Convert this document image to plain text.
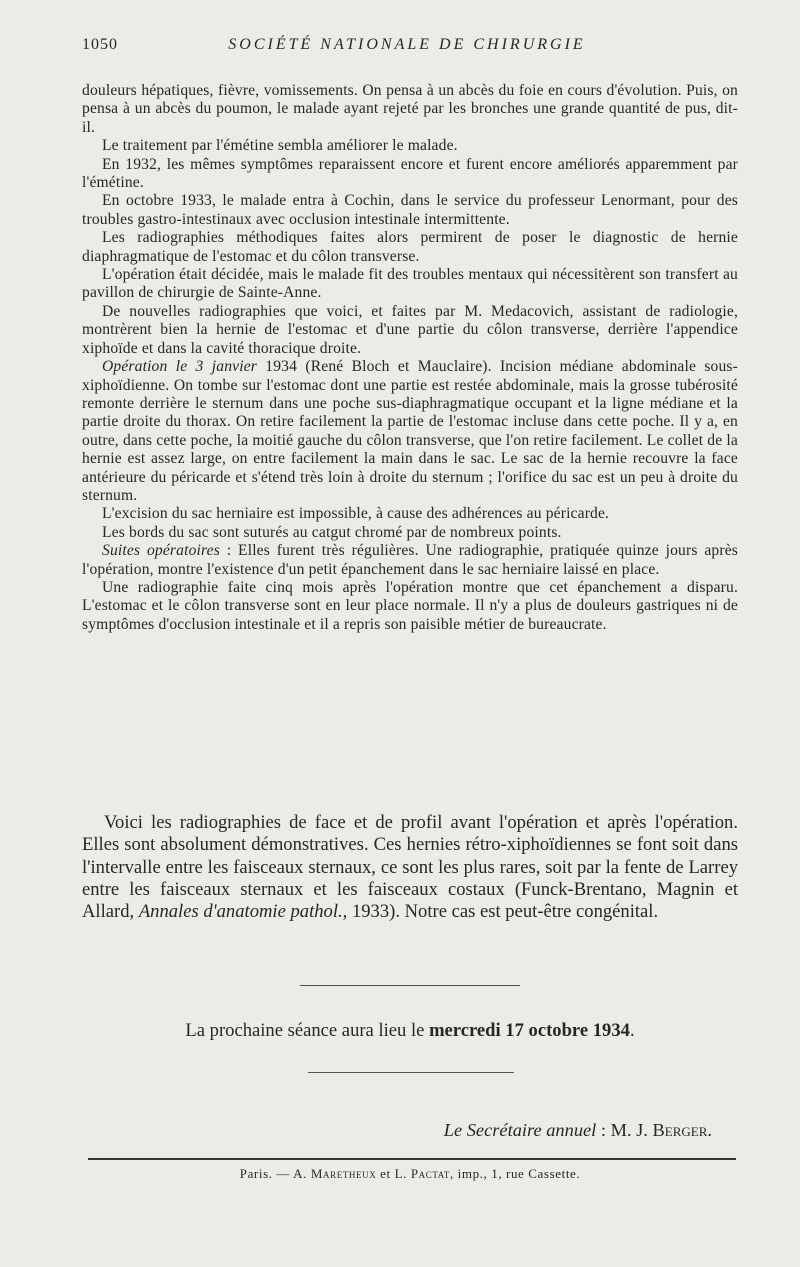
1050	SOCIÉTÉ NATIONALE DE CHIRURGIE

douleurs hépatiques, fièvre, vomissements. On pensa à un abcès du foie en cours d'évolution. Puis, on pensa à un abcès du poumon, le malade ayant rejeté par les bronches une grande quantité de pus, dit-il.

Le traitement par l'émétine sembla améliorer le malade.

En 1932, les mêmes symptômes reparaissent encore et furent encore améliorés apparemment par l'émétine.

En octobre 1933, le malade entra à Cochin, dans le service du professeur Lenormant, pour des troubles gastro-intestinaux avec occlusion intestinale intermittente.

Les radiographies méthodiques faites alors permirent de poser le diagnostic de hernie diaphragmatique de l'estomac et du côlon transverse.

L'opération était décidée, mais le malade fit des troubles mentaux qui nécessitèrent son transfert au pavillon de chirurgie de Sainte-Anne.

De nouvelles radiographies que voici, et faites par M. Medacovich, assistant de radiologie, montrèrent bien la hernie de l'estomac et d'une partie du côlon transverse, derrière l'appendice xiphoïde et dans la cavité thoracique droite.

Opération le 3 janvier 1934 (René Bloch et Mauclaire). Incision médiane abdominale sous-xiphoïdienne. On tombe sur l'estomac dont une partie est restée abdominale, mais la grosse tubérosité remonte derrière le sternum dans une poche sus-diaphragmatique occupant et la ligne médiane et la partie droite du thorax. On retire facilement la partie de l'estomac incluse dans cette poche. Il y a, en outre, dans cette poche, la moitié gauche du côlon transverse, que l'on retire facilement. Le collet de la hernie est assez large, on entre facilement la main dans le sac. Le sac de la hernie recouvre la face antérieure du péricarde et s'étend très loin à droite du sternum ; l'orifice du sac est un peu à droite du sternum.

L'excision du sac herniaire est impossible, à cause des adhérences au péricarde.

Les bords du sac sont suturés au catgut chromé par de nombreux points.

Suites opératoires : Elles furent très régulières. Une radiographie, pratiquée quinze jours après l'opération, montre l'existence d'un petit épanchement dans le sac herniaire laissé en place.

Une radiographie faite cinq mois après l'opération montre que cet épanchement a disparu. L'estomac et le côlon transverse sont en leur place normale. Il n'y a plus de douleurs gastriques ni de symptômes d'occlusion intestinale et il a repris son paisible métier de bureaucrate.

Voici les radiographies de face et de profil avant l'opération et après l'opération. Elles sont absolument démonstratives. Ces hernies rétro-xiphoïdiennes se font soit dans l'intervalle entre les faisceaux sternaux, ce sont les plus rares, soit par la fente de Larrey entre les faisceaux sternaux et les faisceaux costaux (Funck-Brentano, Magnin et Allard, Annales d'anatomie pathol., 1933). Notre cas est peut-être congénital.

La prochaine séance aura lieu le mercredi 17 octobre 1934.
Le Secrétaire annuel : M. J. Berger.
Paris. — A. Maretheux et L. Pactat, imp., 1, rue Cassette.
